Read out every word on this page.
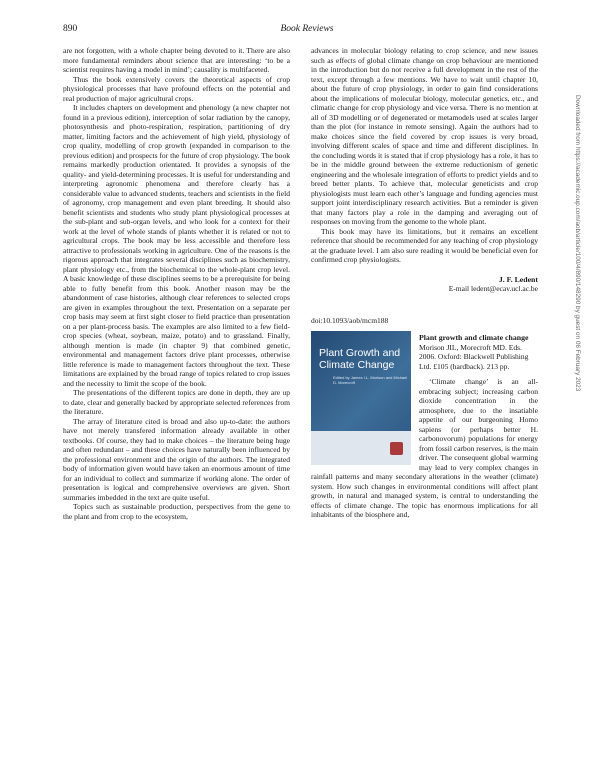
890	Book Reviews

are not forgotten, with a whole chapter being devoted to it. There are also more fundamental reminders about science that are interesting: ‘to be a scientist requires having a model in mind’; causality is multifaceted.

Thus the book extensively covers the theoretical aspects of crop physiological processes that have profound effects on the potential and real production of major agricultural crops.

It includes chapters on development and phenology (a new chapter not found in a previous edition), interception of solar radiation by the canopy, photosynthesis and photo-respiration, respiration, partitioning of dry matter, limiting factors and the achievement of high yield, physiology of crop quality, modelling of crop growth (expanded in comparison to the previous edition) and prospects for the future of crop physiology. The book remains markedly production orientated. It provides a synopsis of the quality- and yield-determining processes. It is useful for understanding and interpreting agronomic phenomena and therefore clearly has a considerable value to advanced students, teachers and scientists in the field of agronomy, crop management and even plant breeding. It should also benefit scientists and students who study plant physiological processes at the sub-plant and sub-organ levels, and who look for a context for their work at the level of whole stands of plants whether it is related or not to agricultural crops. The book may be less accessible and therefore less attractive to professionals working in agriculture. One of the reasons is the rigorous approach that integrates several disciplines such as biochemistry, plant physiology etc., from the biochemical to the whole-plant crop level. A basic knowledge of these disciplines seems to be a prerequisite for being able to fully benefit from this book. Another reason may be the abandonment of case histories, although clear references to selected crops are given in examples throughout the text. Presentation on a separate per crop basis may seem at first sight closer to field practice than presentation on a per plant-process basis. The examples are also limited to a few field-crop species (wheat, soybean, maize, potato) and to grassland. Finally, although mention is made (in chapter 9) that combined genetic, environmental and management factors drive plant processes, otherwise little reference is made to management factors throughout the text. These limitations are explained by the broad range of topics related to crop issues and the necessity to limit the scope of the book.

The presentations of the different topics are done in depth, they are up to date, clear and generally backed by appropriate selected references from the literature.

The array of literature cited is broad and also up-to-date: the authors have not merely transfered information already available in other textbooks. Of course, they had to make choices – the literature being huge and often redundant – and these choices have naturally been influenced by the professional environment and the origin of the authors. The integrated body of information given would have taken an enormous amount of time for an individual to collect and summarize if working alone. The order of presentation is logical and comprehensive overviews are given. Short summaries imbedded in the text are quite useful.

Topics such as sustainable production, perspectives from the gene to the plant and from crop to the ecosystem,

advances in molecular biology relating to crop science, and new issues such as effects of global climate change on crop behaviour are mentioned in the introduction but do not receive a full development in the rest of the text, except through a few mentions. We have to wait until chapter 10, about the future of crop physiology, in order to gain find considerations about the implications of molecular biology, molecular genetics, etc., and climatic change for crop physiology and vice versa. There is no mention at all of 3D modelling or of degenerated or metamodels used at scales larger than the plot (for instance in remote sensing). Again the authors had to make choices since the field covered by crop issues is very broad, involving different scales of space and time and different disciplines. In the concluding words it is stated that if crop physiology has a role, it has to be in the middle ground between the extreme reductionism of genetic engineering and the wholesale integration of efforts to predict yields and to breed better plants. To achieve that, molecular geneticists and crop physiologists must learn each other’s language and funding agencies must support joint interdisciplinary research activities. But a reminder is given that many factors play a role in the damping and averaging out of responses on moving from the genome to the whole plant.

This book may have its limitations, but it remains an excellent reference that should be recommended for any teaching of crop physiology at the graduate level. I am also sure reading it would be beneficial even for confirmed crop physiologists.

J. F. Ledent
E-mail ledent@ecav.ucl.ac.be
doi:10.1093/aob/mcm188
Plant Growth and Climate Change
Edited by James I.L. Morison and Michael D. Morecroft
Plant growth and climate change
Morison JIL, Morecroft MD. Eds. 2006. Oxford: Blackwell Publishing Ltd. £105 (hardback). 213 pp.

‘Climate change’ is an all-embracing subject; increasing carbon dioxide concentration in the atmosphere, due to the insatiable appetite of our burgeoning Homo sapiens (or perhaps better H. carbonovorum) populations for energy from fossil carbon reserves, is the main driver. The consequent global warming may lead to very complex changes in rainfall patterns and many secondary alterations in the weather (climate) system. How such changes in environmental conditions will affect plant growth, in natural and managed system, is central to understanding the effects of climate change. The topic has enormous implications for all inhabitants of the biosphere and,

Downloaded from https://academic.oup.com/aob/article/100/4/890/148290 by guest on 06 February 2023
